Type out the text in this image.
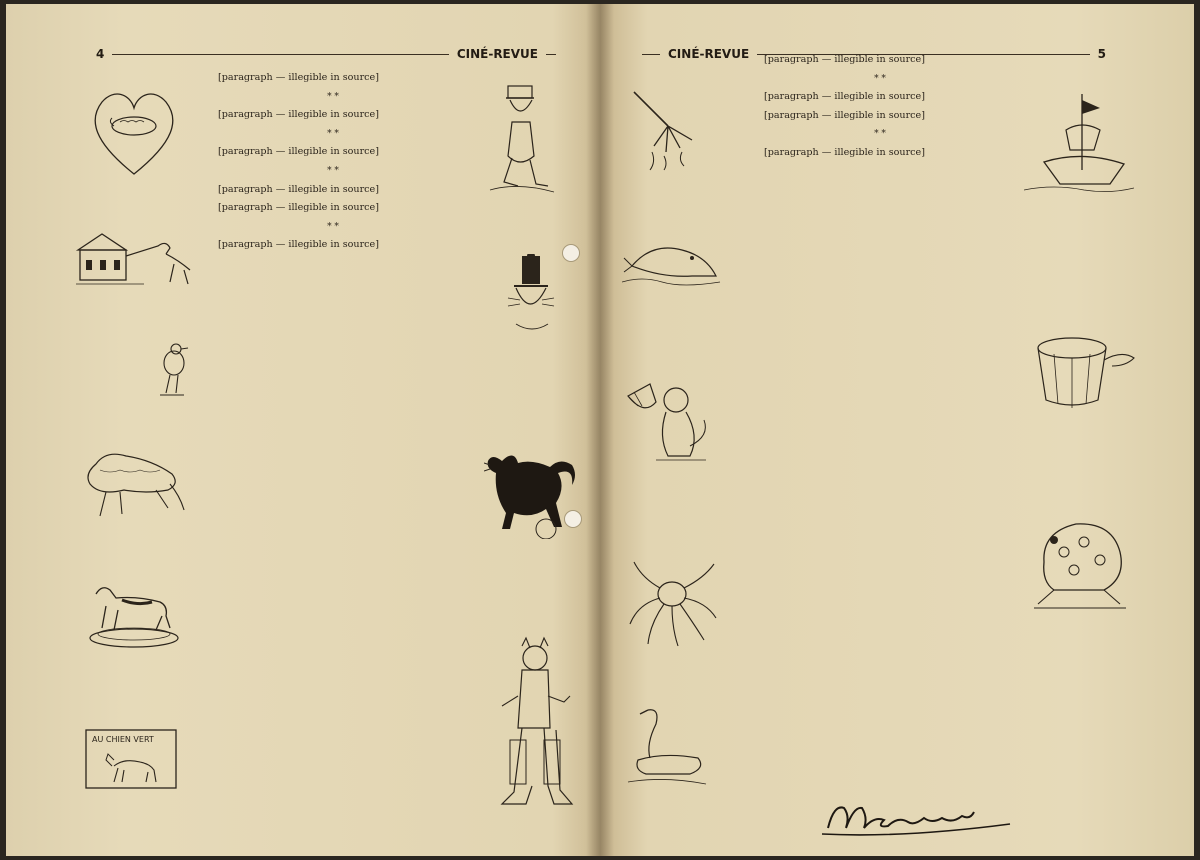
4	CINÉ-REVUE

[paragraph — illegible in source]

* *

[paragraph — illegible in source]

* *

[paragraph — illegible in source]

* *

[paragraph — illegible in source]

[paragraph — illegible in source]

* *

[paragraph — illegible in source]

AU CHIEN VERT
CINÉ-REVUE	5

[paragraph — illegible in source]

* *

[paragraph — illegible in source]

[paragraph — illegible in source]

* *

[paragraph — illegible in source]
